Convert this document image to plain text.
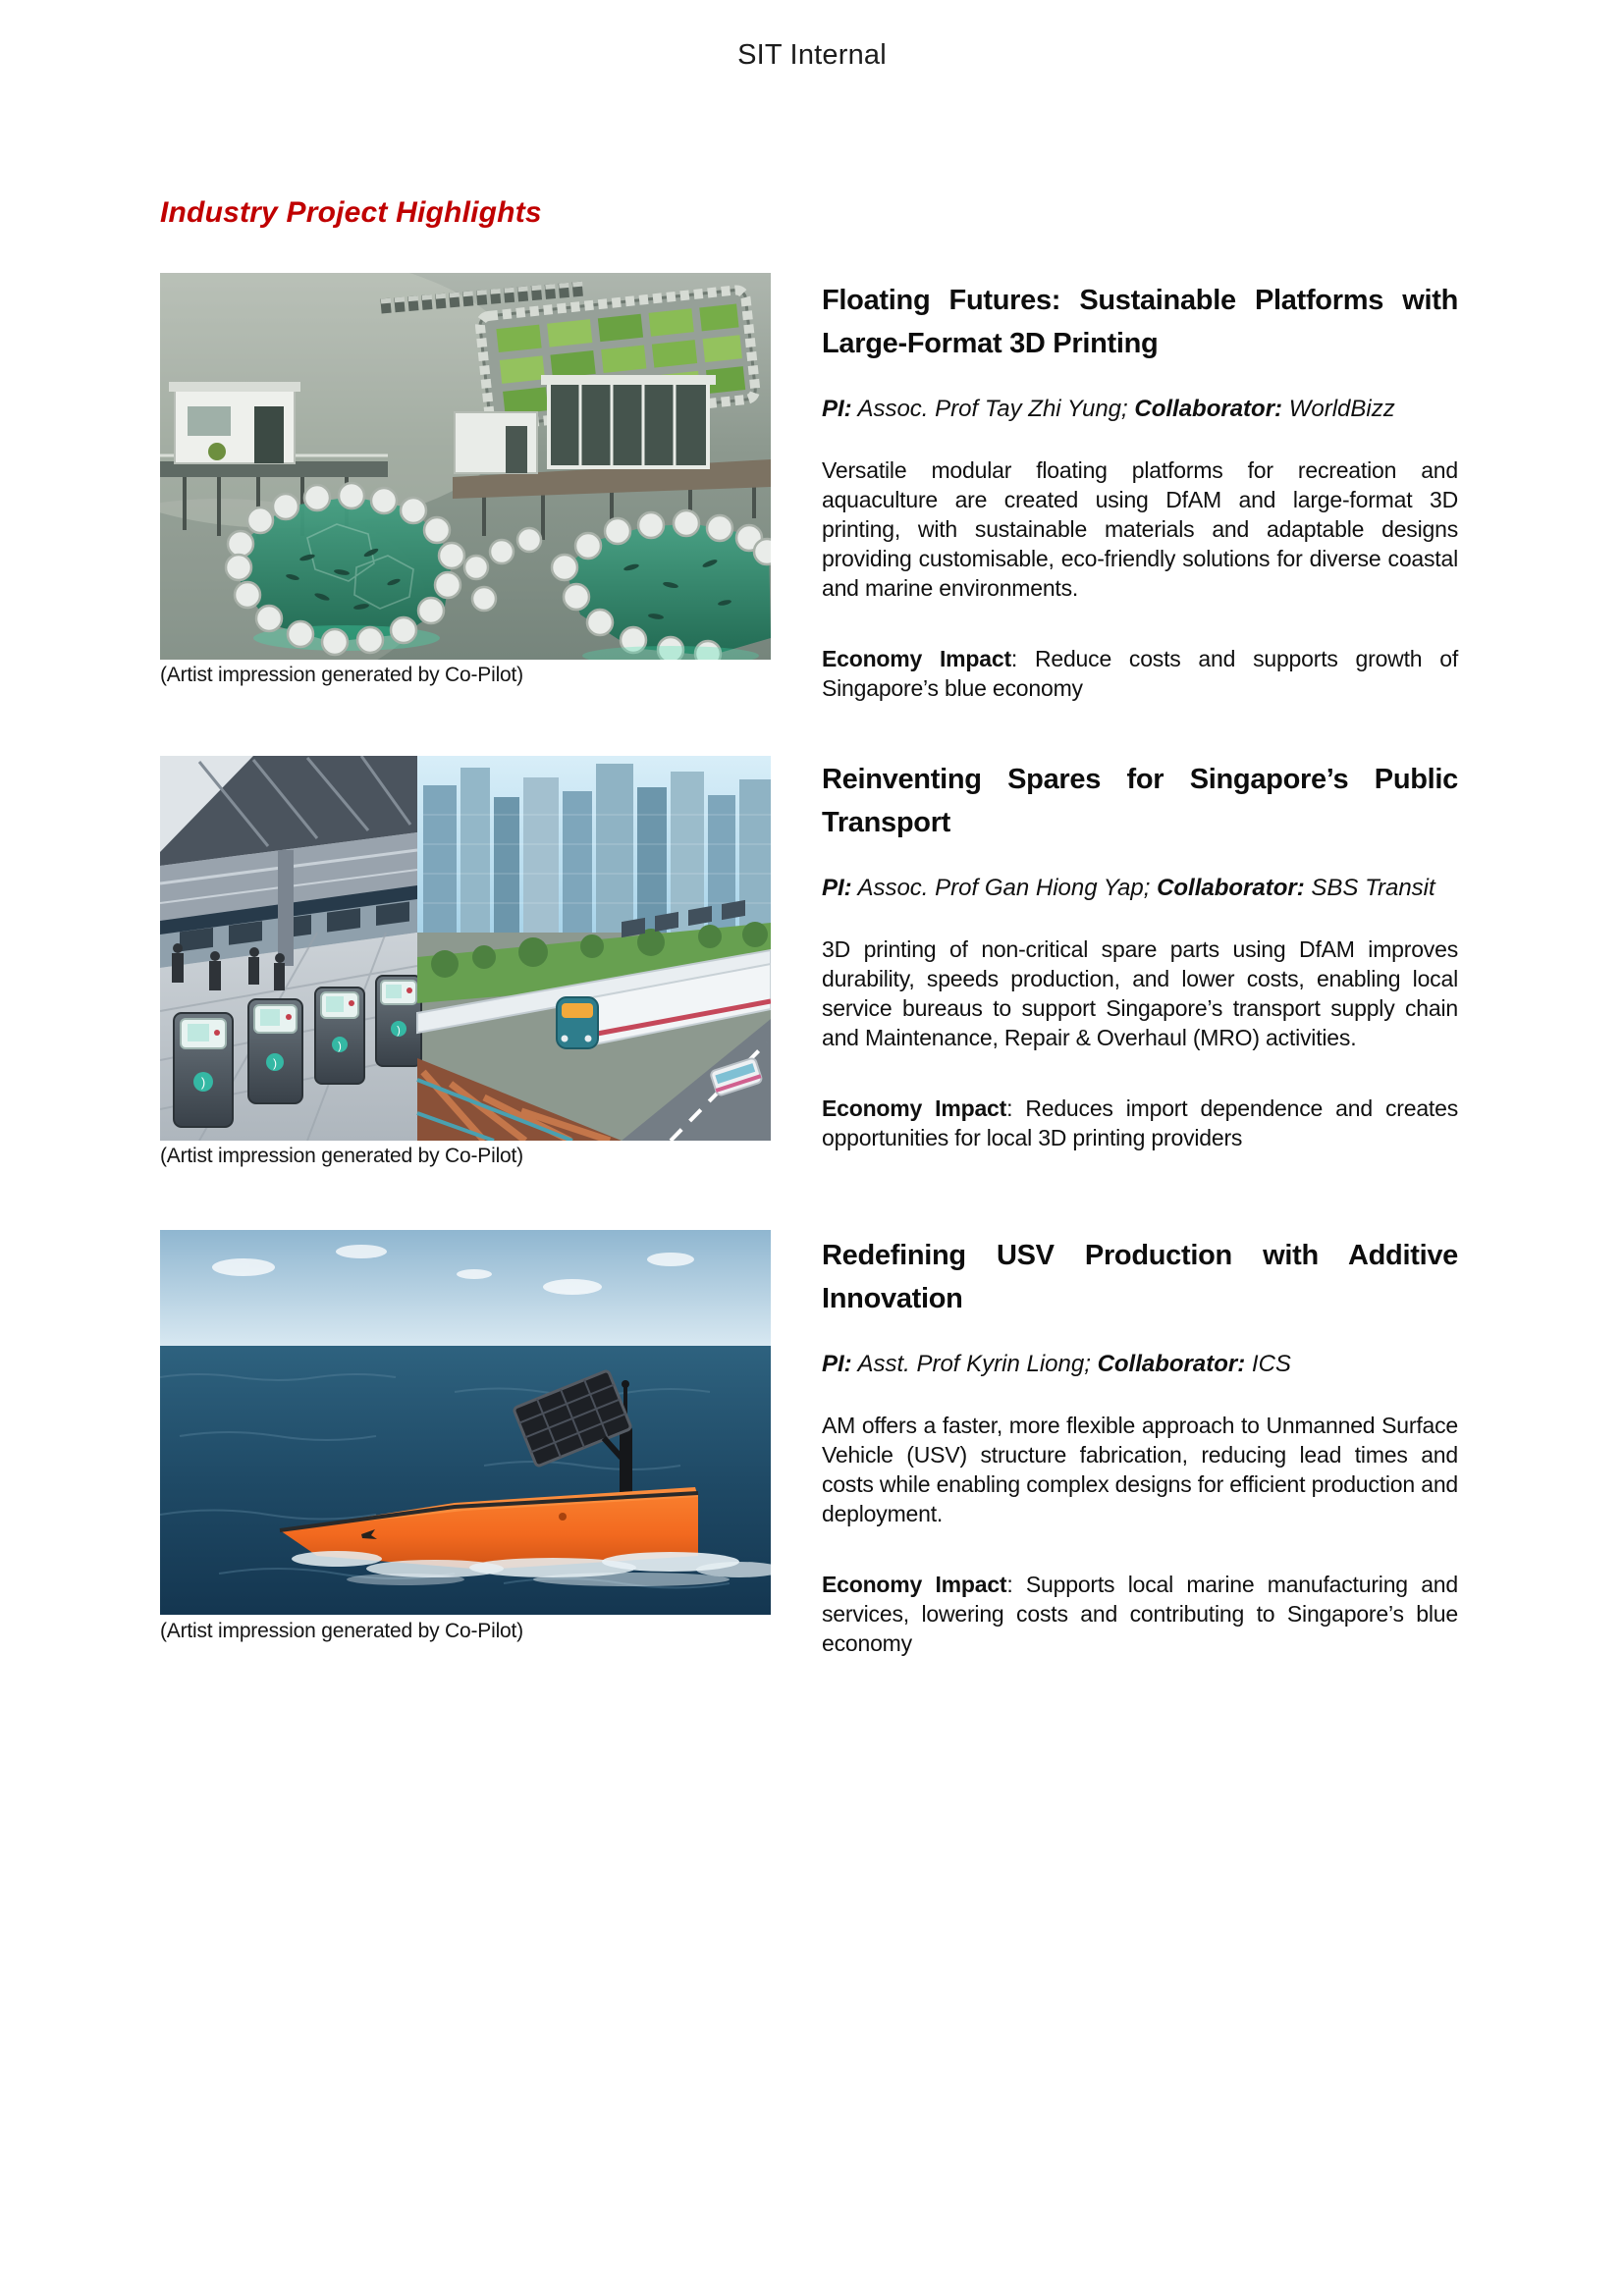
SIT Internal
Industry Project Highlights
(Artist impression generated by Co-Pilot)
Floating Futures: Sustainable Platforms with Large-Format 3D Printing

PI: Assoc. Prof Tay Zhi Yung; Collaborator: WorldBizz

Versatile modular floating platforms for recreation and aquaculture are created using DfAM and large-format 3D printing, with sustainable materials and adaptable designs providing customisable, eco-friendly solutions for diverse coastal and marine environments.

Economy Impact: Reduce costs and supports growth of Singapore’s blue economy

)
)
)
)
(Artist impression generated by Co-Pilot)
Reinventing Spares for Singapore’s Public Transport

PI: Assoc. Prof Gan Hiong Yap; Collaborator: SBS Transit

3D printing of non-critical spare parts using DfAM improves durability, speeds production, and lower costs, enabling local service bureaus to support Singapore’s transport supply chain and Maintenance, Repair & Overhaul (MRO) activities.

Economy Impact: Reduces import dependence and creates opportunities for local 3D printing providers

(Artist impression generated by Co-Pilot)
Redefining USV Production with Additive Innovation

PI: Asst. Prof Kyrin Liong; Collaborator: ICS

AM offers a faster, more flexible approach to Unmanned Surface Vehicle (USV) structure fabrication, reducing lead times and costs while enabling complex designs for efficient production and deployment.

Economy Impact: Supports local marine manufacturing and services, lowering costs and contributing to Singapore’s blue economy
